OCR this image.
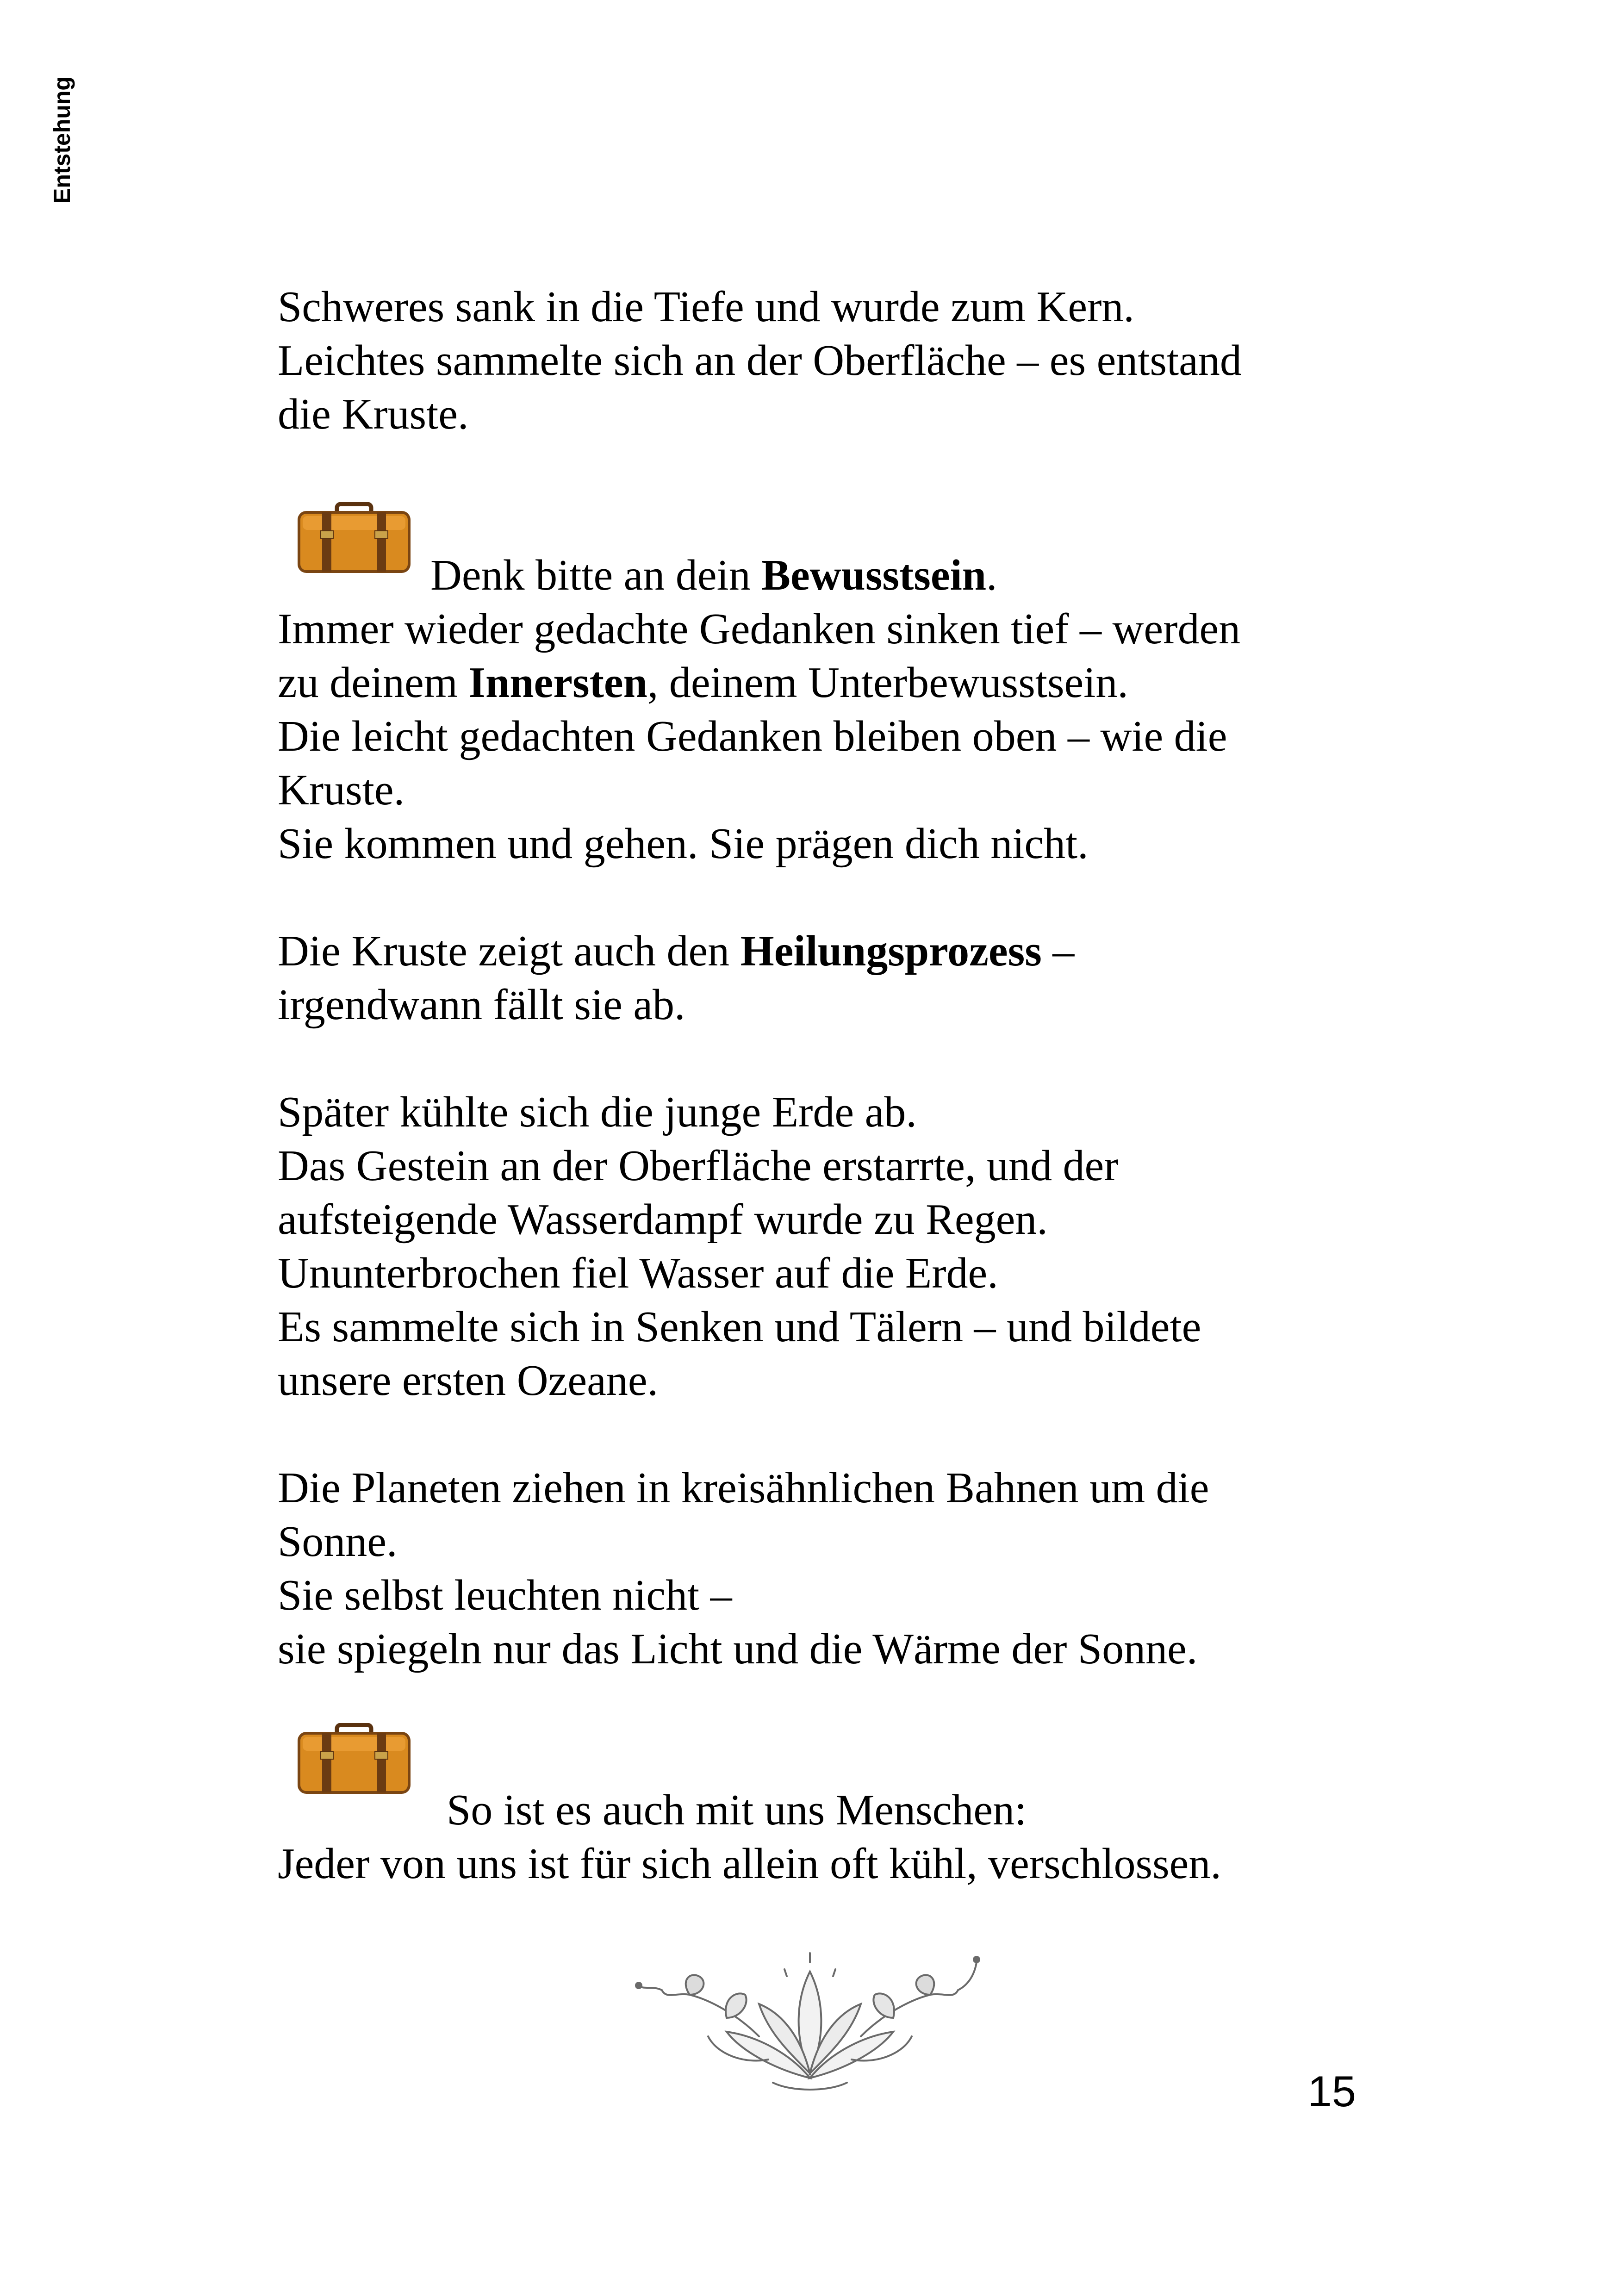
Entstehung
Schweres sank in die Tiefe und wurde zum Kern.
Leichtes sammelte sich an der Oberfläche – es entstand
die Kruste.
Denk bitte an dein Bewusstsein.
Immer wieder gedachte Gedanken sinken tief – werden
zu deinem Innersten, deinem Unterbewusstsein.
Die leicht gedachten Gedanken bleiben oben – wie die
Kruste.
Sie kommen und gehen. Sie prägen dich nicht.
Die Kruste zeigt auch den Heilungsprozess –
irgendwann fällt sie ab.
Später kühlte sich die junge Erde ab.
Das Gestein an der Oberfläche erstarrte, und der
aufsteigende Wasserdampf wurde zu Regen.
Ununterbrochen fiel Wasser auf die Erde.
Es sammelte sich in Senken und Tälern – und bildete
unsere ersten Ozeane.
Die Planeten ziehen in kreisähnlichen Bahnen um die
Sonne.
Sie selbst leuchten nicht –
sie spiegeln nur das Licht und die Wärme der Sonne.
So ist es auch mit uns Menschen:
Jeder von uns ist für sich allein oft kühl, verschlossen.
15
